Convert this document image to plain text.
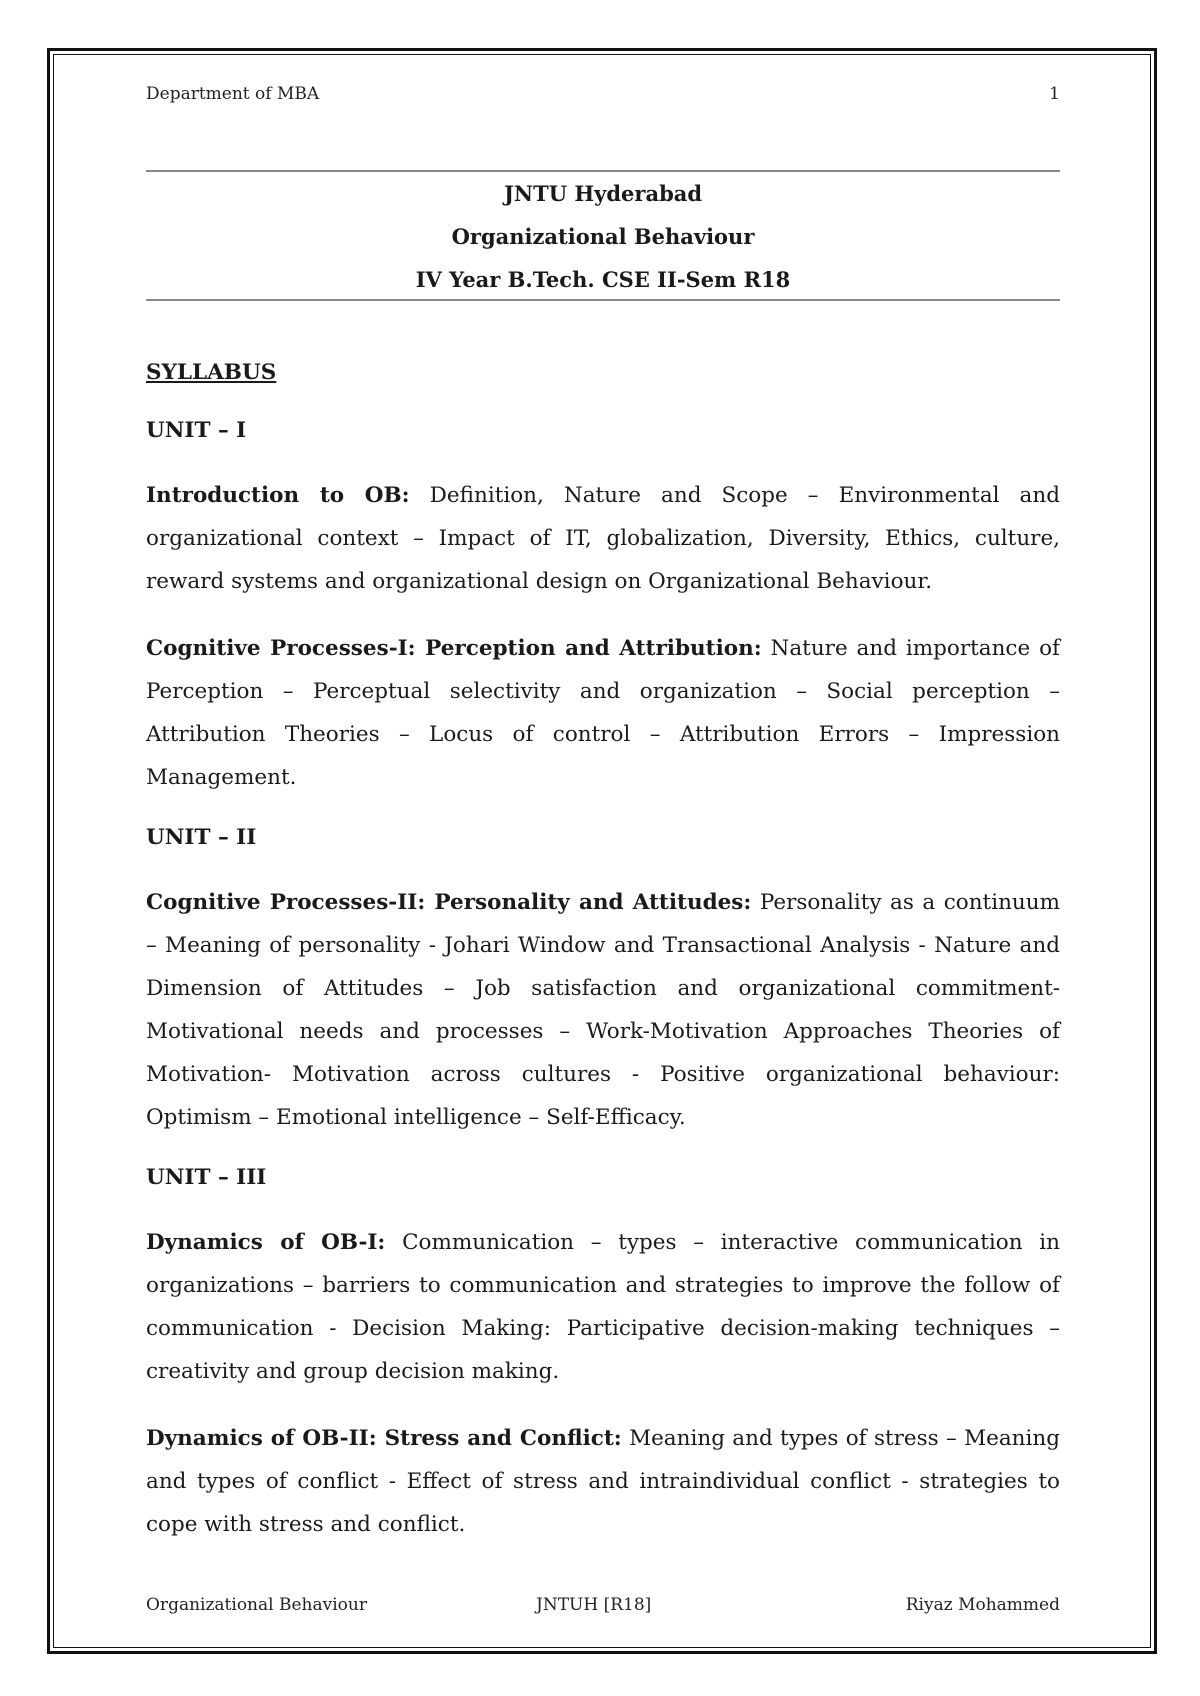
Department of MBA	1
JNTU Hyderabad
Organizational Behaviour
IV Year B.Tech. CSE II-Sem R18

SYLLABUS

UNIT – I

Introduction to OB: Definition, Nature and Scope – Environmental and organizational context – Impact of IT, globalization, Diversity, Ethics, culture, reward systems and organizational design on Organizational Behaviour.

Cognitive Processes-I: Perception and Attribution: Nature and importance of Perception – Perceptual selectivity and organization – Social perception – Attribution Theories – Locus of control – Attribution Errors – Impression Management.

UNIT – II

Cognitive Processes-II: Personality and Attitudes: Personality as a continuum – Meaning of personality - Johari Window and Transactional Analysis - Nature and Dimension of Attitudes – Job satisfaction and organizational commitment-Motivational needs and processes – Work-Motivation Approaches Theories of Motivation- Motivation across cultures - Positive organizational behaviour: Optimism – Emotional intelligence – Self-Efficacy.

UNIT – III

Dynamics of OB-I: Communication – types – interactive communication in organizations – barriers to communication and strategies to improve the follow of communication - Decision Making: Participative decision-making techniques – creativity and group decision making.

Dynamics of OB-II: Stress and Conflict: Meaning and types of stress – Meaning and types of conflict - Effect of stress and intraindividual conflict - strategies to cope with stress and conflict.

Organizational Behaviour	JNTUH [R18]	Riyaz Mohammed
